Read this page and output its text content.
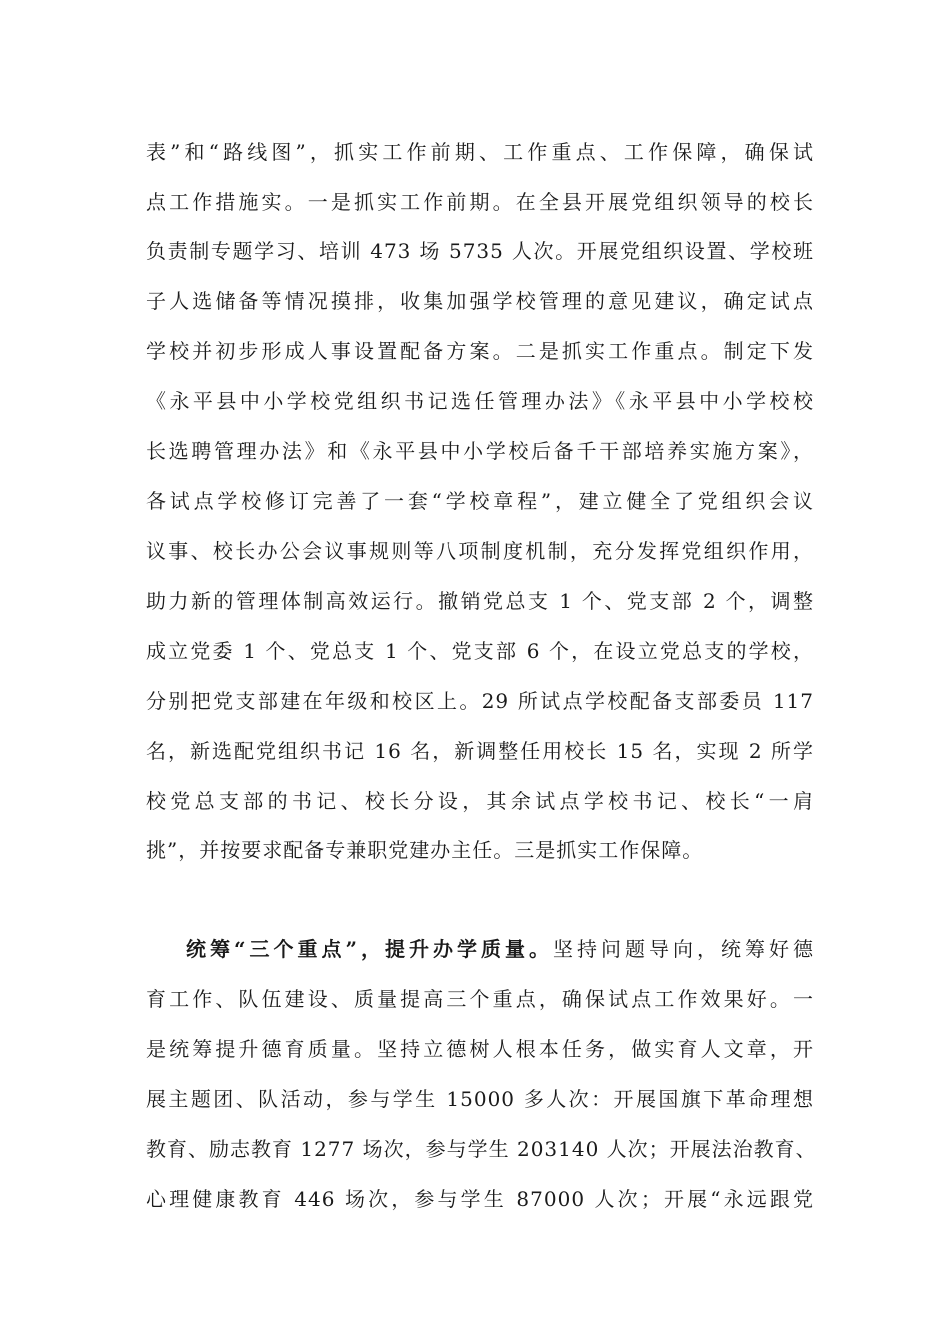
表”和“路线图”，抓实工作前期、工作重点、工作保障，确保试
点工作措施实。一是抓实工作前期。在全县开展党组织领导的校长
负责制专题学习、培训 473 场 5735 人次。开展党组织设置、学校班
子人选储备等情况摸排，收集加强学校管理的意见建议，确定试点
学校并初步形成人事设置配备方案。二是抓实工作重点。制定下发
《永平县中小学校党组织书记选任管理办法》《永平县中小学校校
长选聘管理办法》和《永平县中小学校后备千干部培养实施方案》，
各试点学校修订完善了一套“学校章程”，建立健全了党组织会议
议事、校长办公会议事规则等八项制度机制，充分发挥党组织作用，
助力新的管理体制高效运行。撤销党总支 1 个、党支部 2 个，调整
成立党委 1 个、党总支 1 个、党支部 6 个，在设立党总支的学校，
分别把党支部建在年级和校区上。29 所试点学校配备支部委员 117
名，新选配党组织书记 16 名，新调整任用校长 15 名，实现 2 所学
校党总支部的书记、校长分设，其余试点学校书记、校长“一肩
挑”，并按要求配备专兼职党建办主任。三是抓实工作保障。
统筹“三个重点”，提升办学质量。坚持问题导向，统筹好德
育工作、队伍建设、质量提高三个重点，确保试点工作效果好。一
是统筹提升德育质量。坚持立德树人根本任务，做实育人文章，开
展主题团、队活动，参与学生 15000 多人次：开展国旗下革命理想
教育、励志教育 1277 场次，参与学生 203140 人次；开展法治教育、
心理健康教育 446 场次，参与学生 87000 人次；开展“永远跟党
